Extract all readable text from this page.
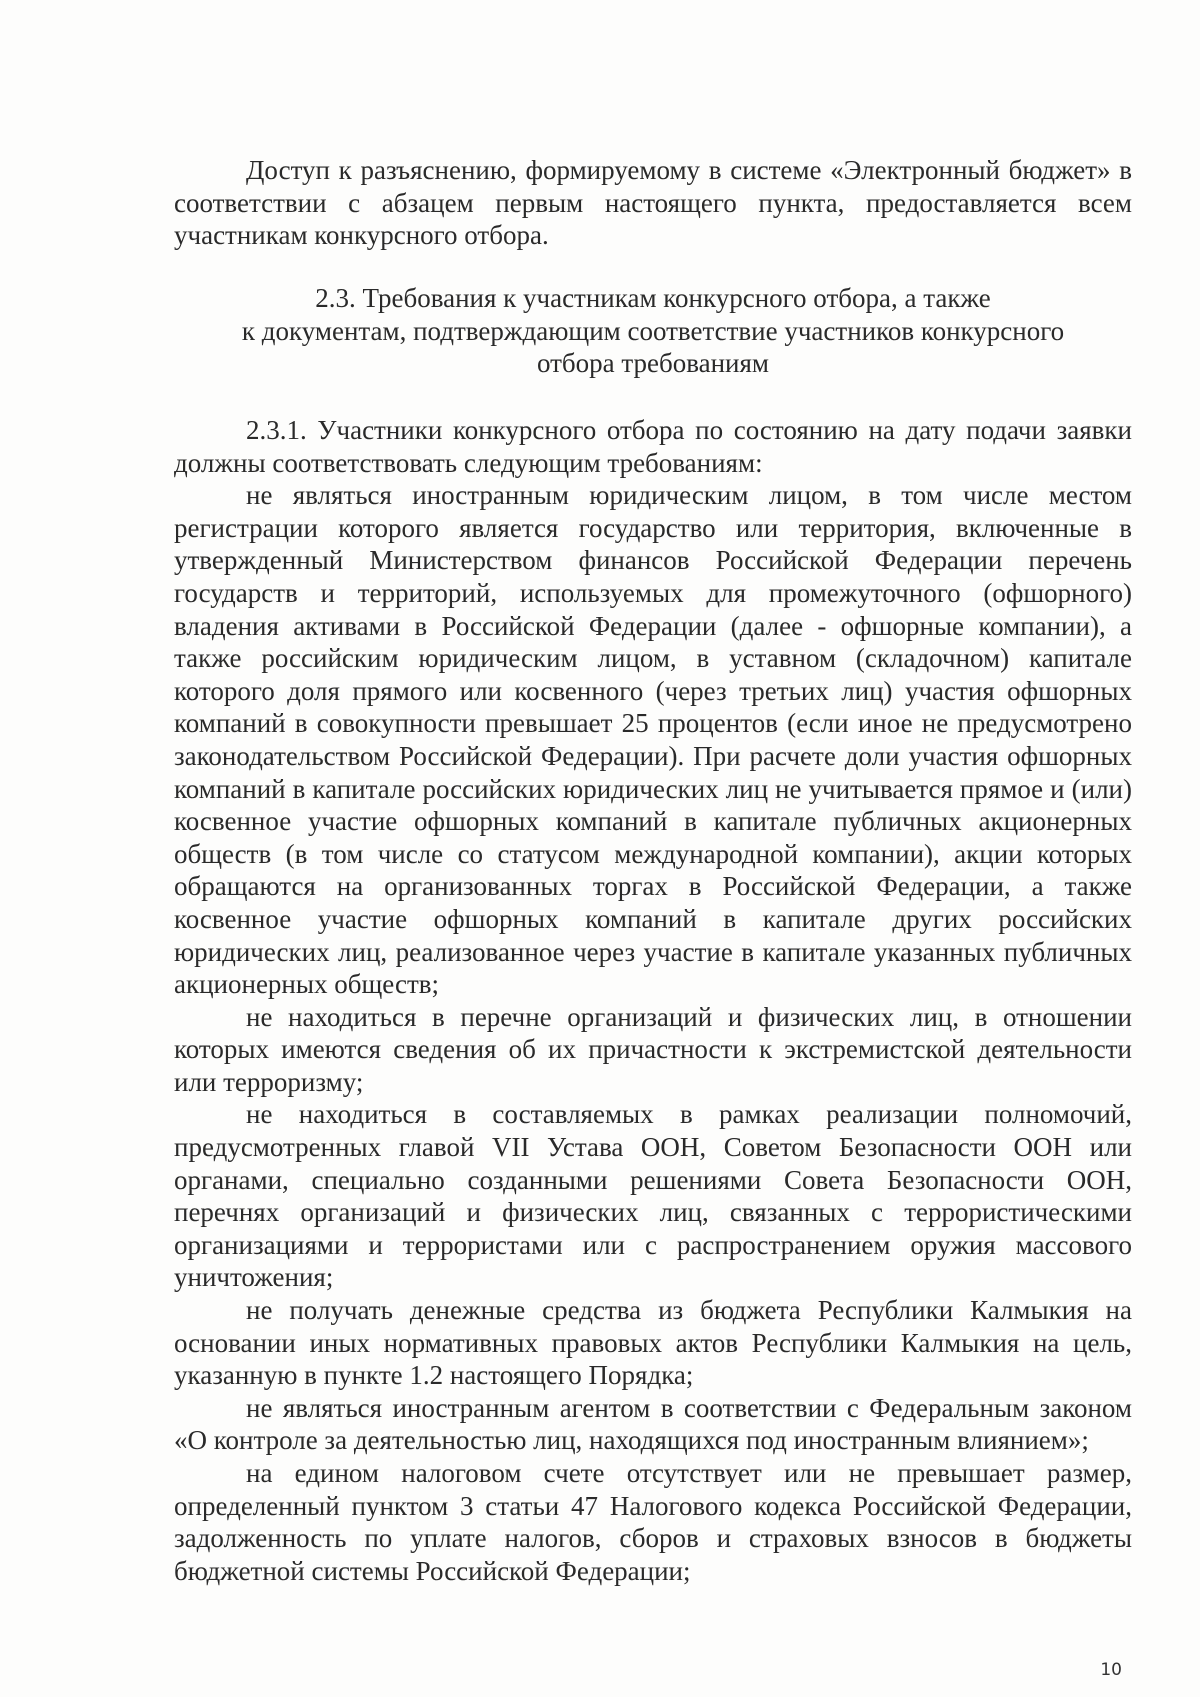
Доступ к разъяснению, формируемому в системе «Электронный бюджет» в соответствии с абзацем первым настоящего пункта, предоставляется всем участникам конкурсного отбора.

2.3. Требования к участникам конкурсного отбора, а также
к документам, подтверждающим соответствие участников конкурсного
отбора требованиям

2.3.1. Участники конкурсного отбора по состоянию на дату подачи заявки должны соответствовать следующим требованиям:

не являться иностранным юридическим лицом, в том числе местом регистрации которого является государство или территория, включенные в утвержденный Министерством финансов Российской Федерации перечень государств и территорий, используемых для промежуточного (офшорного) владения активами в Российской Федерации (далее - офшорные компании), а также российским юридическим лицом, в уставном (складочном) капитале которого доля прямого или косвенного (через третьих лиц) участия офшорных компаний в совокупности превышает 25 процентов (если иное не предусмотрено законодательством Российской Федерации). При расчете доли участия офшорных компаний в капитале российских юридических лиц не учитывается прямое и (или) косвенное участие офшорных компаний в капитале публичных акционерных обществ (в том числе со статусом международной компании), акции которых обращаются на организованных торгах в Российской Федерации, а также косвенное участие офшорных компаний в капитале других российских юридических лиц, реализованное через участие в капитале указанных публичных акционерных обществ;

не находиться в перечне организаций и физических лиц, в отношении которых имеются сведения об их причастности к экстремистской деятельности или терроризму;

не находиться в составляемых в рамках реализации полномочий, предусмотренных главой VII Устава ООН, Советом Безопасности ООН или органами, специально созданными решениями Совета Безопасности ООН, перечнях организаций и физических лиц, связанных с террористическими организациями и террористами или с распространением оружия массового уничтожения;

не получать денежные средства из бюджета Республики Калмыкия на основании иных нормативных правовых актов Республики Калмыкия на цель, указанную в пункте 1.2 настоящего Порядка;

не являться иностранным агентом в соответствии с Федеральным законом «О контроле за деятельностью лиц, находящихся под иностранным влиянием»;

на едином налоговом счете отсутствует или не превышает размер, определенный пунктом 3 статьи 47 Налогового кодекса Российской Федерации, задолженность по уплате налогов, сборов и страховых взносов в бюджеты бюджетной системы Российской Федерации;

10
